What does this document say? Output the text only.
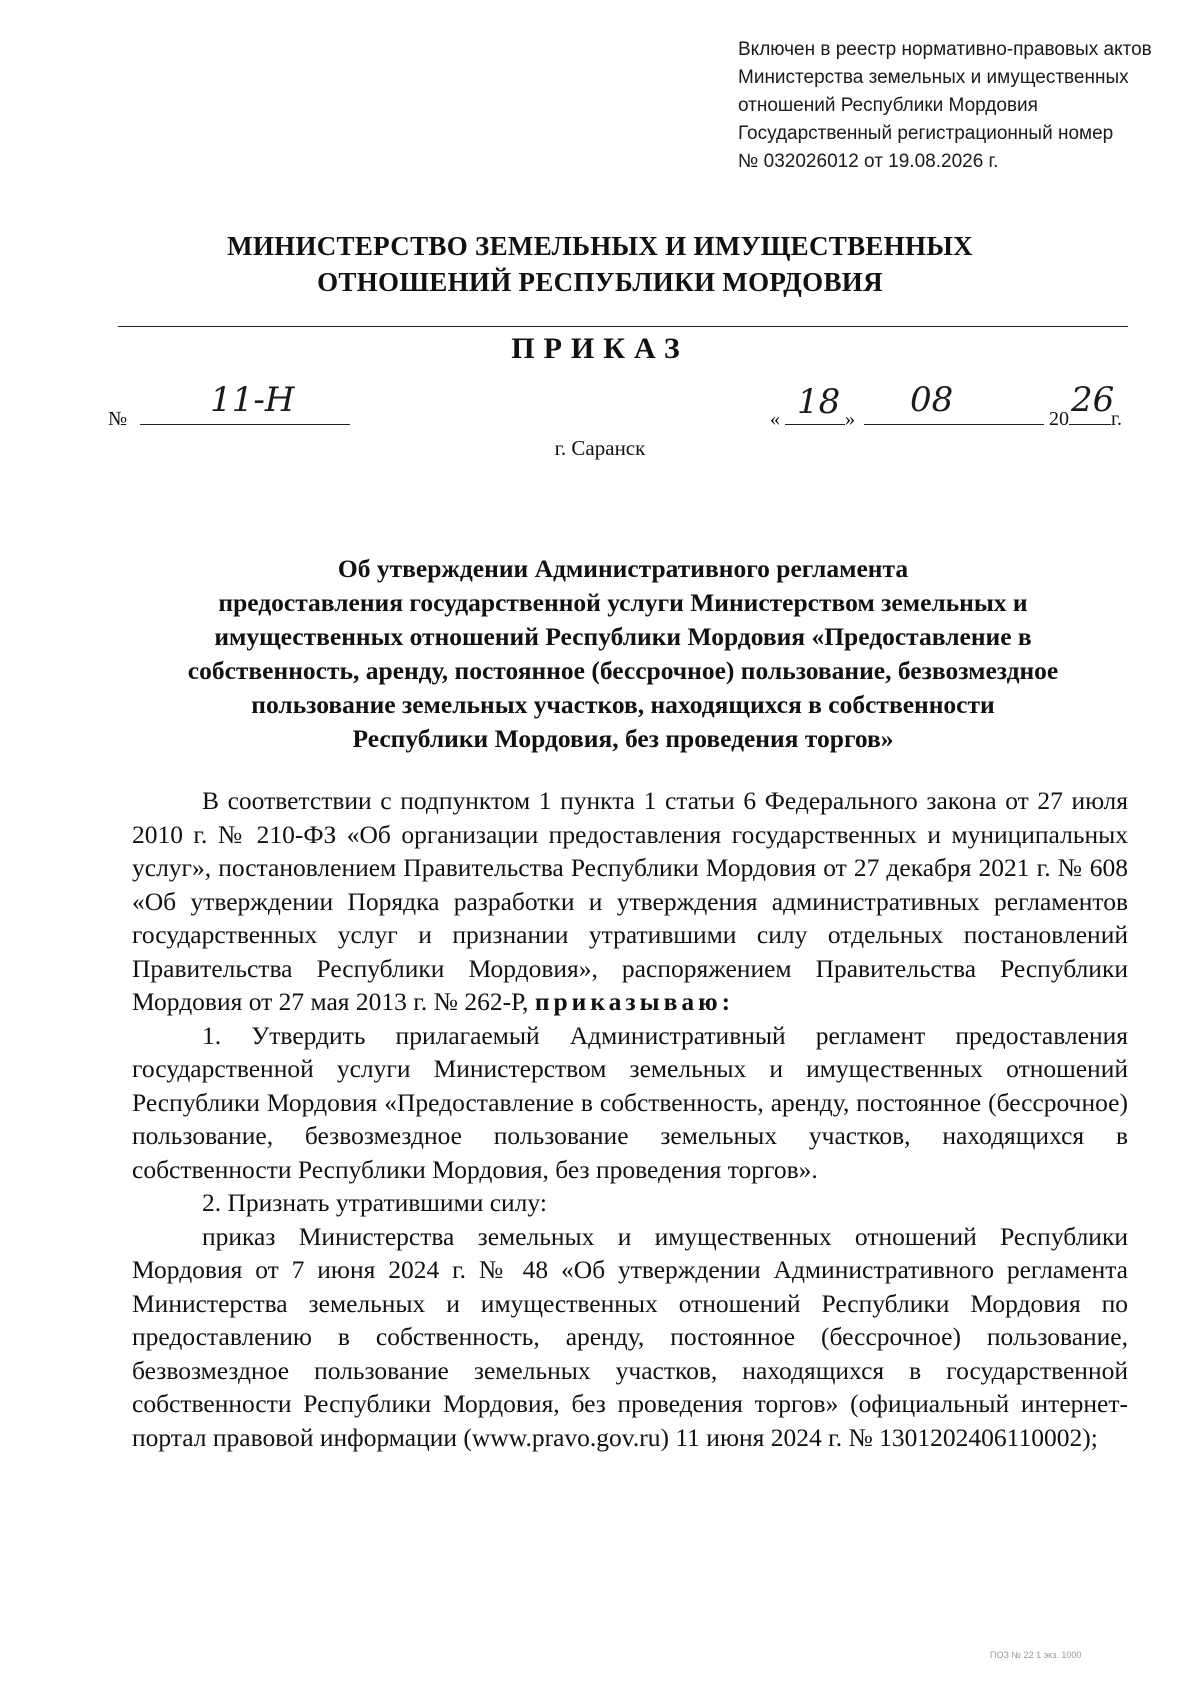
Включен в реестр нормативно-правовых актов
Министерства земельных и имущественных
отношений Республики Мордовия
Государственный регистрационный номер
№ 032026012 от 19.08.2026 г.
МИНИСТЕРСТВО ЗЕМЕЛЬНЫХ И ИМУЩЕСТВЕННЫХ
ОТНОШЕНИЙ РЕСПУБЛИКИ МОРДОВИЯ
ПРИКАЗ
№ 11-Н	« 18 » 08	20 26
г.
г. Саранск
Об утверждении Административного регламента
предоставления государственной услуги Министерством земельных и
имущественных отношений Республики Мордовия «Предоставление в
собственность, аренду, постоянное (бессрочное) пользование, безвозмездное
пользование земельных участков, находящихся в собственности
Республики Мордовия, без проведения торгов»

В соответствии с подпунктом 1 пункта 1 статьи 6 Федерального закона от 27 июля 2010 г. № 210-ФЗ «Об организации предоставления государственных и муниципальных услуг», постановлением Правительства Республики Мордовия от 27 декабря 2021 г. № 608 «Об утверждении Порядка разработки и утверждения административных регламентов государственных услуг и признании утратившими силу отдельных постановлений Правительства Республики Мордовия», распоряжением Правительства Республики Мордовия от 27 мая 2013 г. № 262-Р, приказываю:

1. Утвердить прилагаемый Административный регламент предоставления государственной услуги Министерством земельных и имущественных отношений Республики Мордовия «Предоставление в собственность, аренду, постоянное (бессрочное) пользование, безвозмездное пользование земельных участков, находящихся в собственности Республики Мордовия, без проведения торгов».

2. Признать утратившими силу:

приказ Министерства земельных и имущественных отношений Республики Мордовия от 7 июня 2024 г. № 48 «Об утверждении Административного регламента Министерства земельных и имущественных отношений Республики Мордовия по предоставлению в собственность, аренду, постоянное (бессрочное) пользование, безвозмездное пользование земельных участков, находящихся в государственной собственности Республики Мордовия, без проведения торгов» (официальный интернет-портал правовой информации (www.pravo.gov.ru) 11 июня 2024 г. № 1301202406110002);

ПОЗ № 22 1 экз. 1000
